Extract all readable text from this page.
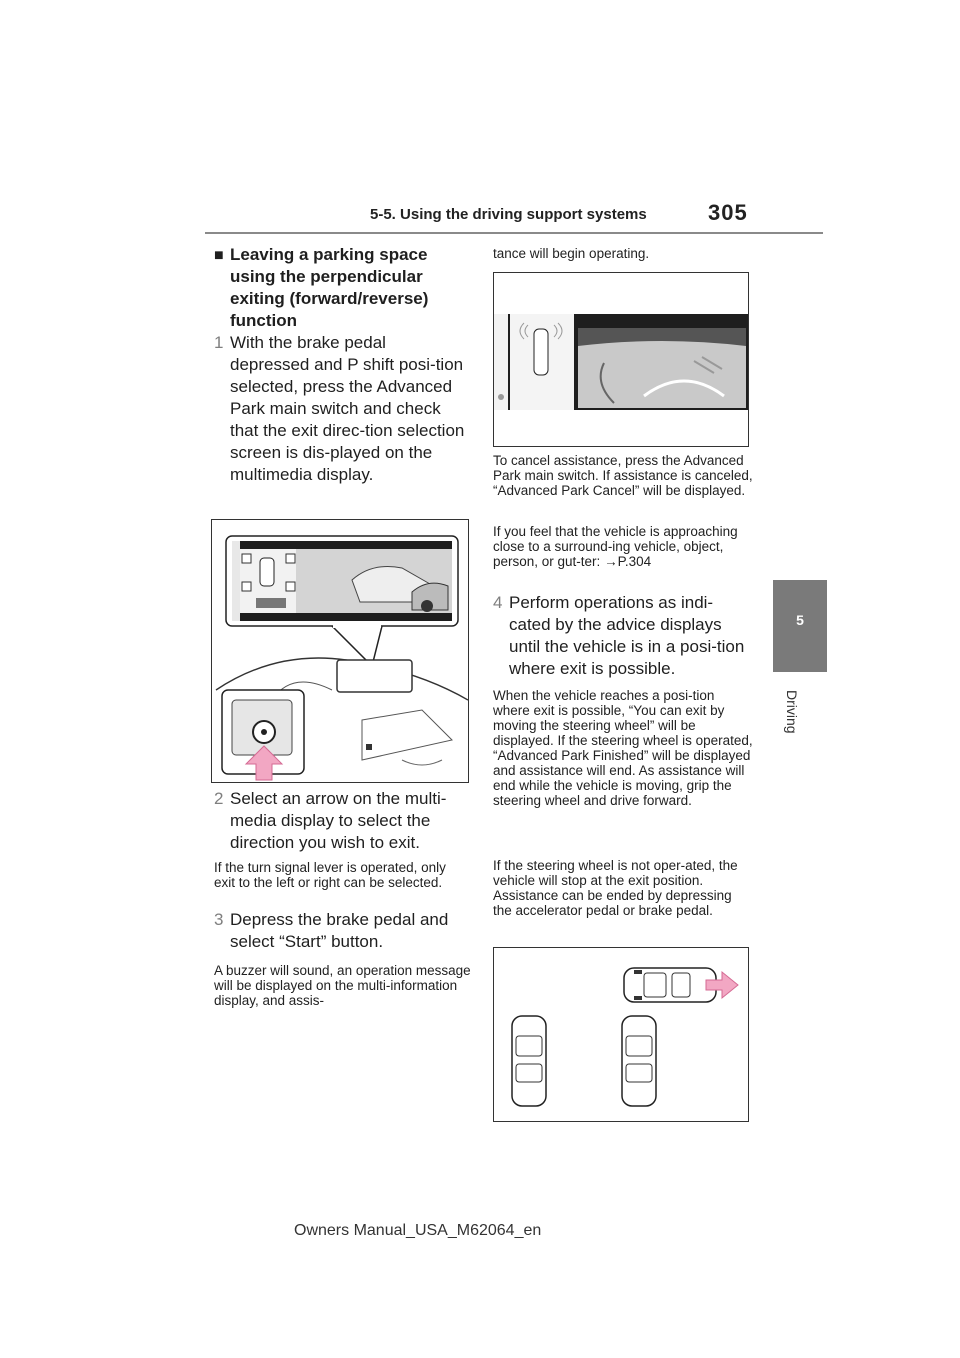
5-5. Using the driving support systems	305
5
Driving
■ Leaving a parking space using the perpendicular exiting (forward/reverse) function
1 With the brake pedal depressed and P shift posi-tion selected, press the Advanced Park main switch and check that the exit direc-tion selection screen is dis-played on the multimedia display.
2 Select an arrow on the multi-media display to select the direction you wish to exit.

If the turn signal lever is operated, only exit to the left or right can be selected.

3 Depress the brake pedal and select “Start” button.

A buzzer will sound, an operation message will be displayed on the multi-information display, and assis-

tance will begin operating.

To cancel assistance, press the Advanced Park main switch. If assistance is canceled, “Advanced Park Cancel” will be displayed.

If you feel that the vehicle is approaching close to a surround-ing vehicle, object, person, or gut-ter: →P.304

4 Perform operations as indi-cated by the advice displays until the vehicle is in a posi-tion where exit is possible.

When the vehicle reaches a posi-tion where exit is possible, “You can exit by moving the steering wheel” will be displayed. If the steering wheel is operated, “Advanced Park Finished” will be displayed and assistance will end. As assistance will end while the vehicle is moving, grip the steering wheel and drive forward.

If the steering wheel is not oper-ated, the vehicle will stop at the exit position. Assistance can be ended by depressing the accelerator pedal or brake pedal.

Owners Manual_USA_M62064_en
